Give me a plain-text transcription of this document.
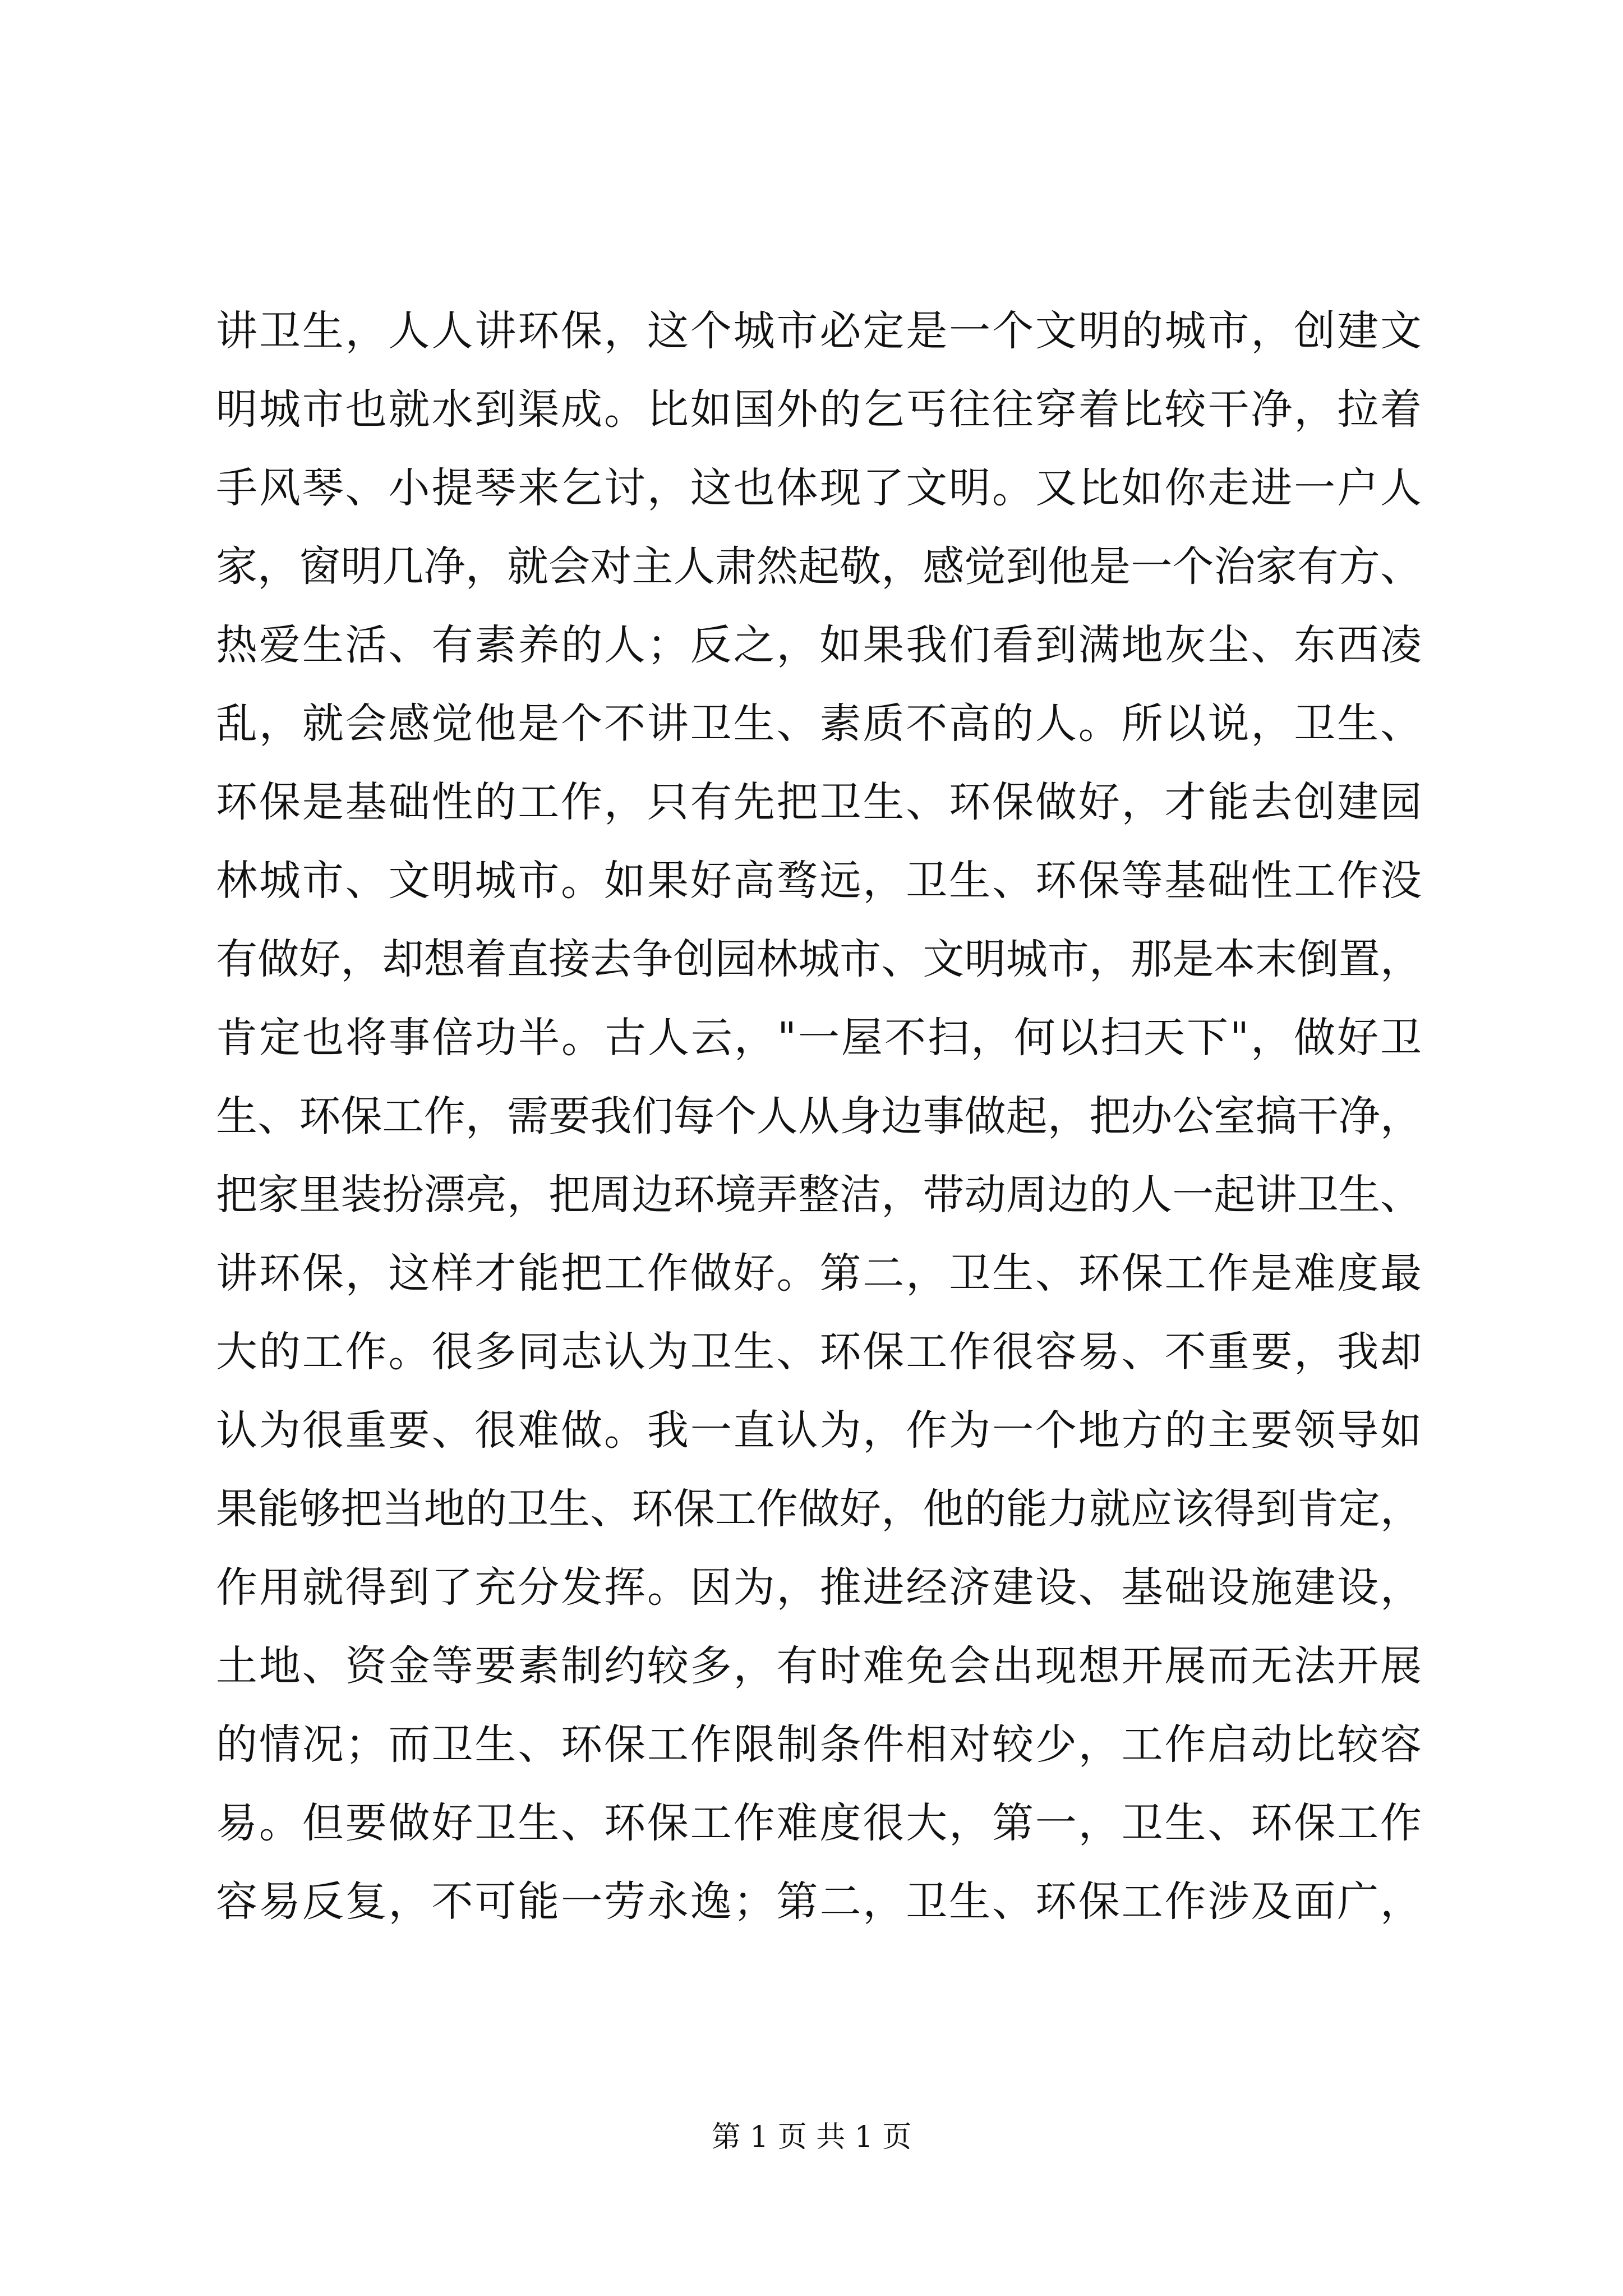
讲卫生，人人讲环保，这个城市必定是一个文明的城市，创建文
明城市也就水到渠成。比如国外的乞丐往往穿着比较干净，拉着
手风琴、小提琴来乞讨，这也体现了文明。又比如你走进一户人
家，窗明几净，就会对主人肃然起敬，感觉到他是一个治家有方、
热爱生活、有素养的人；反之，如果我们看到满地灰尘、东西凌
乱，就会感觉他是个不讲卫生、素质不高的人。所以说，卫生、
环保是基础性的工作，只有先把卫生、环保做好，才能去创建园
林城市、文明城市。如果好高骛远，卫生、环保等基础性工作没
有做好，却想着直接去争创园林城市、文明城市，那是本末倒置，
肯定也将事倍功半。古人云，"一屋不扫，何以扫天下"，做好卫
生、环保工作，需要我们每个人从身边事做起，把办公室搞干净，
把家里装扮漂亮，把周边环境弄整洁，带动周边的人一起讲卫生、
讲环保，这样才能把工作做好。第二，卫生、环保工作是难度最
大的工作。很多同志认为卫生、环保工作很容易、不重要，我却
认为很重要、很难做。我一直认为，作为一个地方的主要领导如
果能够把当地的卫生、环保工作做好，他的能力就应该得到肯定，
作用就得到了充分发挥。因为，推进经济建设、基础设施建设，
土地、资金等要素制约较多，有时难免会出现想开展而无法开展
的情况；而卫生、环保工作限制条件相对较少，工作启动比较容
易。但要做好卫生、环保工作难度很大，第一，卫生、环保工作
容易反复，不可能一劳永逸；第二，卫生、环保工作涉及面广，
第 1 页 共 1 页
